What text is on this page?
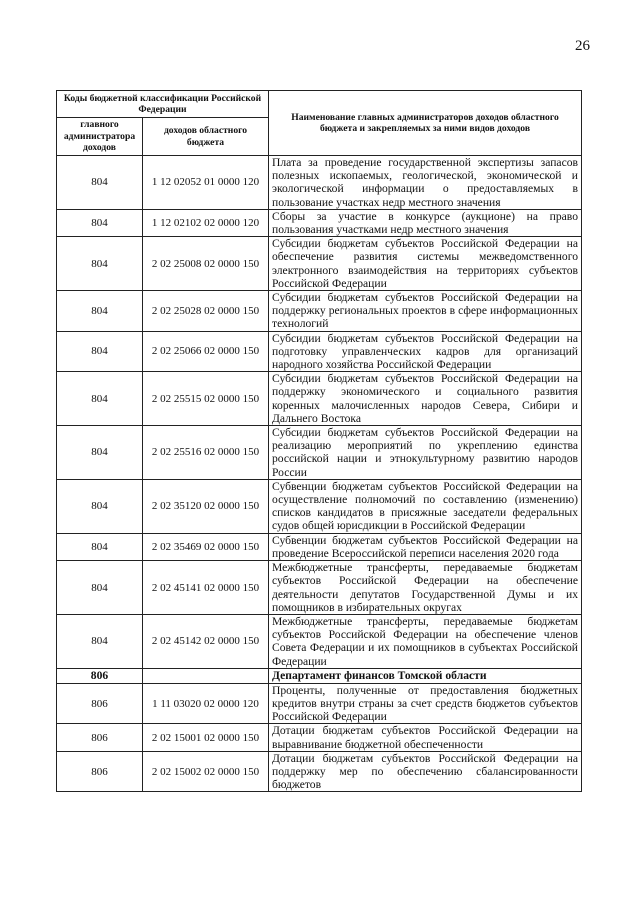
26
Коды бюджетной классификации Российской Федерации		Наименование главных администраторов доходов областного бюджета и закрепляемых за ними видов доходов
главного администратора доходов	доходов областного бюджета	
804	1 12 02052 01 0000 120	Плата за проведение государственной экспертизы запасов полезных ископаемых, геологической, экономической и экологической информации о предоставляемых в пользование участках недр местного значения
804	1 12 02102 02 0000 120	Сборы за участие в конкурсе (аукционе) на право пользования участками недр местного значения
804	2 02 25008 02 0000 150	Субсидии бюджетам субъектов Российской Федерации на обеспечение развития системы межведомственного электронного взаимодействия на территориях субъектов Российской Федерации
804	2 02 25028 02 0000 150	Субсидии бюджетам субъектов Российской Федерации на поддержку региональных проектов в сфере информационных технологий
804	2 02 25066 02 0000 150	Субсидии бюджетам субъектов Российской Федерации на подготовку управленческих кадров для организаций народного хозяйства Российской Федерации
804	2 02 25515 02 0000 150	Субсидии бюджетам субъектов Российской Федерации на поддержку экономического и социального развития коренных малочисленных народов Севера, Сибири и Дальнего Востока
804	2 02 25516 02 0000 150	Субсидии бюджетам субъектов Российской Федерации на реализацию мероприятий по укреплению единства российской нации и этнокультурному развитию народов России
804	2 02 35120 02 0000 150	Субвенции бюджетам субъектов Российской Федерации на осуществление полномочий по составлению (изменению) списков кандидатов в присяжные заседатели федеральных судов общей юрисдикции в Российской Федерации
804	2 02 35469 02 0000 150	Субвенции бюджетам субъектов Российской Федерации на проведение Всероссийской переписи населения 2020 года
804	2 02 45141 02 0000 150	Межбюджетные трансферты, передаваемые бюджетам субъектов Российской Федерации на обеспечение деятельности депутатов Государственной Думы и их помощников в избирательных округах
804	2 02 45142 02 0000 150	Межбюджетные трансферты, передаваемые бюджетам субъектов Российской Федерации на обеспечение членов Совета Федерации и их помощников в субъектах Российской Федерации
806		Департамент финансов Томской области
806	1 11 03020 02 0000 120	Проценты, полученные от предоставления бюджетных кредитов внутри страны за счет средств бюджетов субъектов Российской Федерации
806	2 02 15001 02 0000 150	Дотации бюджетам субъектов Российской Федерации на выравнивание бюджетной обеспеченности
806	2 02 15002 02 0000 150	Дотации бюджетам субъектов Российской Федерации на поддержку мер по обеспечению сбалансированности бюджетов
